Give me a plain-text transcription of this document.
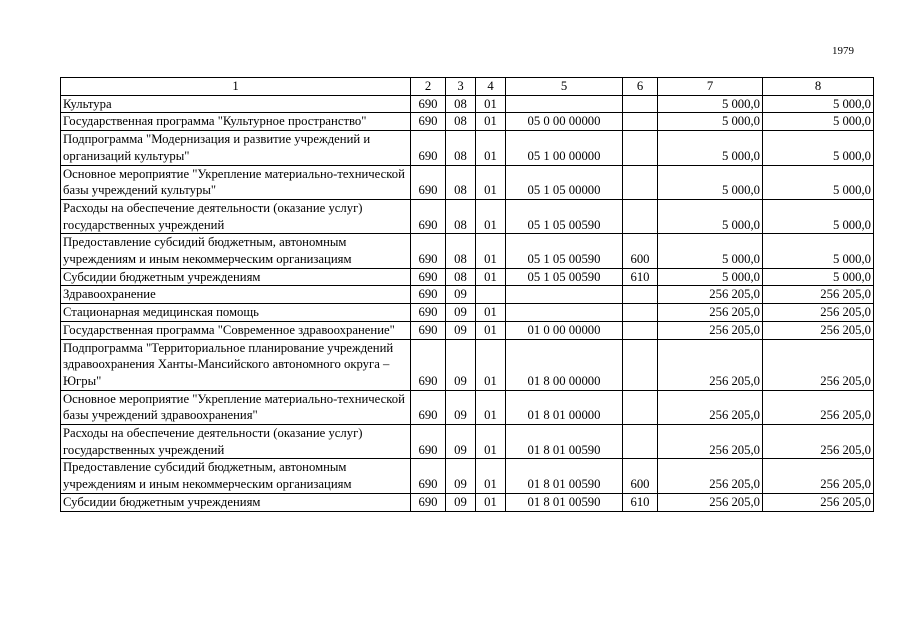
1979
1	2	3	4	5	6	7	8
Культура	690	08	01			5 000,0	5 000,0
Государственная программа "Культурное пространство"	690	08	01	05 0 00 00000		5 000,0	5 000,0
Подпрограмма "Модернизация и развитие учреждений и организаций культуры"	690	08	01	05 1 00 00000		5 000,0	5 000,0
Основное мероприятие "Укрепление материально-технической базы учреждений культуры"	690	08	01	05 1 05 00000		5 000,0	5 000,0
Расходы на обеспечение деятельности (оказание услуг) государственных учреждений	690	08	01	05 1 05 00590		5 000,0	5 000,0
Предоставление субсидий бюджетным, автономным учреждениям и иным некоммерческим организациям	690	08	01	05 1 05 00590	600	5 000,0	5 000,0
Субсидии бюджетным учреждениям	690	08	01	05 1 05 00590	610	5 000,0	5 000,0
Здравоохранение	690	09				256 205,0	256 205,0
Стационарная медицинская помощь	690	09	01			256 205,0	256 205,0
Государственная программа "Современное здравоохранение"	690	09	01	01 0 00 00000		256 205,0	256 205,0
Подпрограмма "Территориальное планирование учреждений здравоохранения Ханты-Мансийского автономного округа – Югры"	690	09	01	01 8 00 00000		256 205,0	256 205,0
Основное мероприятие "Укрепление материально-технической базы учреждений здравоохранения"	690	09	01	01 8 01 00000		256 205,0	256 205,0
Расходы на обеспечение деятельности (оказание услуг) государственных учреждений	690	09	01	01 8 01 00590		256 205,0	256 205,0
Предоставление субсидий бюджетным, автономным учреждениям и иным некоммерческим организациям	690	09	01	01 8 01 00590	600	256 205,0	256 205,0
Субсидии бюджетным учреждениям	690	09	01	01 8 01 00590	610	256 205,0	256 205,0
